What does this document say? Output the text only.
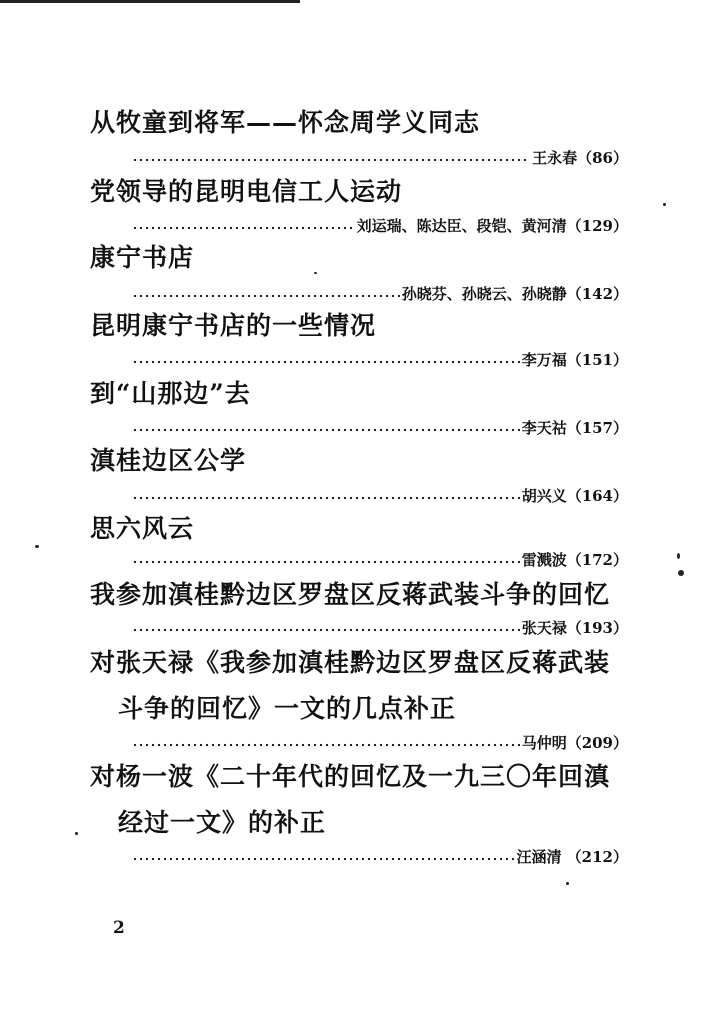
从牧童到将军——怀念周学义同志
王永春（86）
党领导的昆明电信工人运动
刘运瑞、陈达臣、段铠、黄河清（129）
康宁书店
孙晓芬、孙晓云、孙晓静（142）
昆明康宁书店的一些情况
李万福（151）
到“山那边”去
李天祜（157）
滇桂边区公学
胡兴义（164）
思六风云
雷溅波（172）
我参加滇桂黔边区罗盘区反蒋武装斗争的回忆
张天禄（193）
对张天禄《我参加滇桂黔边区罗盘区反蒋武装
斗争的回忆》一文的几点补正
马仲明（209）
对杨一波《二十年代的回忆及一九三〇年回滇
经过一文》的补正
汪涵清 （212）
2
